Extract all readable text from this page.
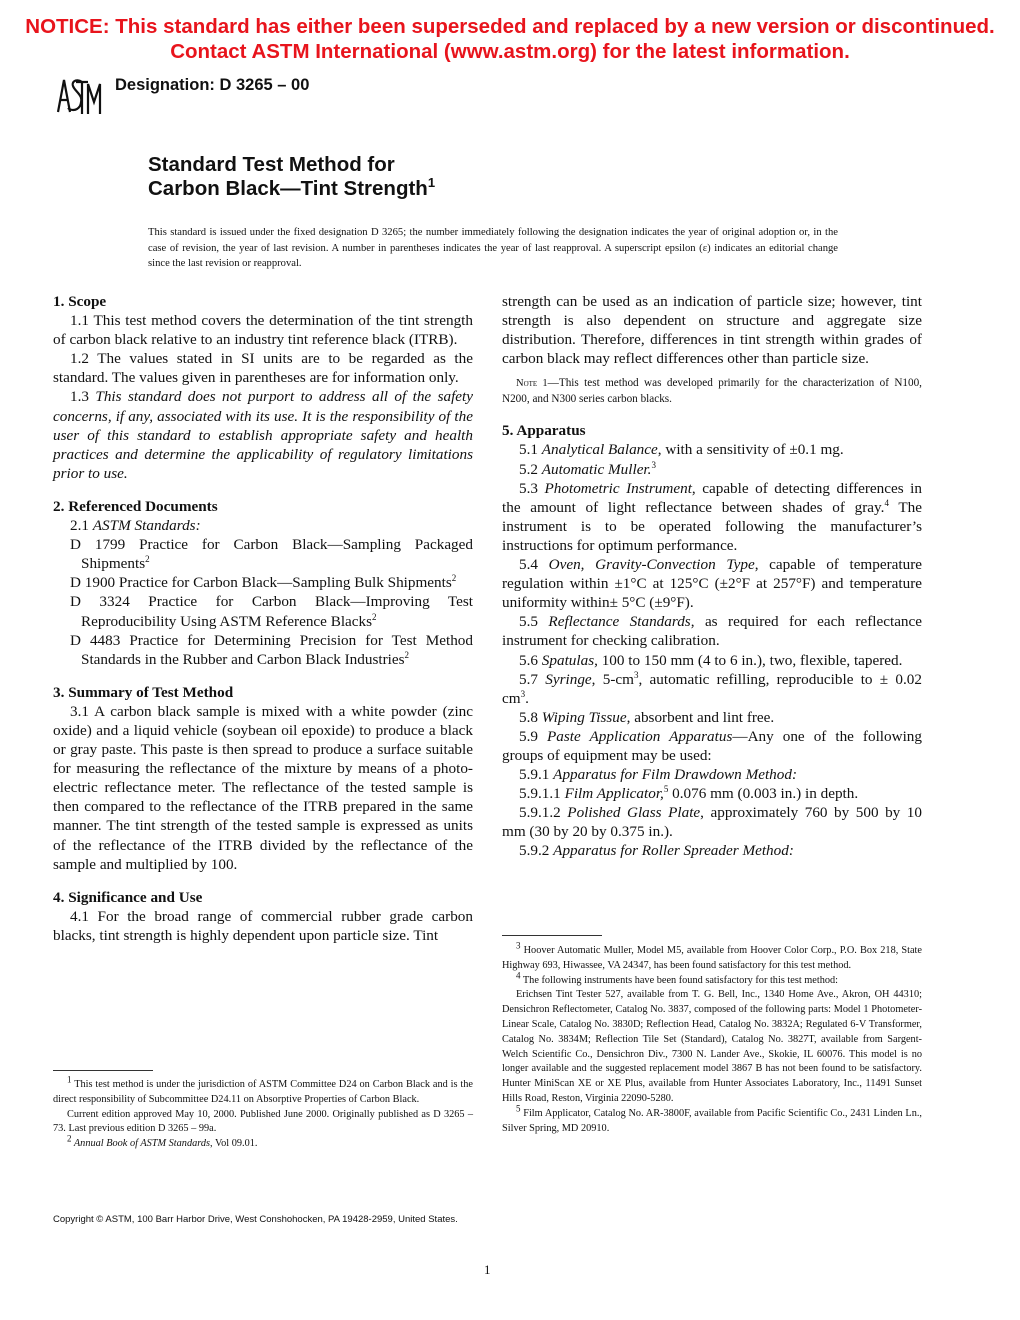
NOTICE: This standard has either been superseded and replaced by a new version or discontinued.
Contact ASTM International (www.astm.org) for the latest information.
Designation: D 3265 – 00
Standard Test Method for
Carbon Black—Tint Strength$^1$
This standard is issued under the fixed designation D 3265; the number immediately following the designation indicates the year of original adoption or, in the case of revision, the year of last revision. A number in parentheses indicates the year of last reapproval. A superscript epsilon (ε) indicates an editorial change since the last revision or reapproval.

1. Scope

1.1 This test method covers the determination of the tint strength of carbon black relative to an industry tint reference black (ITRB).

1.2 The values stated in SI units are to be regarded as the standard. The values given in parentheses are for information only.

1.3 This standard does not purport to address all of the safety concerns, if any, associated with its use. It is the responsibility of the user of this standard to establish appropriate safety and health practices and determine the applicability of regulatory limitations prior to use.

2. Referenced Documents

2.1 ASTM Standards:

D 1799 Practice for Carbon Black—Sampling Packaged Shipments$^2$

D 1900 Practice for Carbon Black—Sampling Bulk Shipments$^2$

D 3324 Practice for Carbon Black—Improving Test Reproducibility Using ASTM Reference Blacks$^2$

D 4483 Practice for Determining Precision for Test Method Standards in the Rubber and Carbon Black Industries$^2$

3. Summary of Test Method

3.1 A carbon black sample is mixed with a white powder (zinc oxide) and a liquid vehicle (soybean oil epoxide) to produce a black or gray paste. This paste is then spread to produce a surface suitable for measuring the reflectance of the mixture by means of a photo-electric reflectance meter. The reflectance of the tested sample is then compared to the reflectance of the ITRB prepared in the same manner. The tint strength of the tested sample is expressed as units of the reflectance of the ITRB divided by the reflectance of the sample and multiplied by 100.

4. Significance and Use

4.1 For the broad range of commercial rubber grade carbon blacks, tint strength is highly dependent upon particle size. Tint

strength can be used as an indication of particle size; however, tint strength is also dependent on structure and aggregate size distribution. Therefore, differences in tint strength within grades of carbon black may reflect differences other than particle size.

Note 1—This test method was developed primarily for the characterization of N100, N200, and N300 series carbon blacks.

5. Apparatus

5.1 Analytical Balance, with a sensitivity of ±0.1 mg.

5.2 Automatic Muller.$^3$

5.3 Photometric Instrument, capable of detecting differences in the amount of light reflectance between shades of gray.$^4$ The instrument is to be operated following the manufacturer’s instructions for optimum performance.

5.4 Oven, Gravity-Convection Type, capable of temperature regulation within ±1°C at 125°C (±2°F at 257°F) and temperature uniformity within± 5°C (±9°F).

5.5 Reflectance Standards, as required for each reflectance instrument for checking calibration.

5.6 Spatulas, 100 to 150 mm (4 to 6 in.), two, flexible, tapered.

5.7 Syringe, $5-cm^3$, automatic refilling, reproducible to ± 0.02 $cm^3$.

5.8 Wiping Tissue, absorbent and lint free.

5.9 Paste Application Apparatus—Any one of the following groups of equipment may be used:

5.9.1 Apparatus for Film Drawdown Method:

5.9.1.1 Film Applicator,$^5$ 0.076 mm (0.003 in.) in depth.

5.9.1.2 Polished Glass Plate, approximately 760 by 500 by 10 mm (30 by 20 by 0.375 in.).

5.9.2 Apparatus for Roller Spreader Method:

$^1$ This test method is under the jurisdiction of ASTM Committee D24 on Carbon Black and is the direct responsibility of Subcommittee D24.11 on Absorptive Properties of Carbon Black.

Current edition approved May 10, 2000. Published June 2000. Originally published as D 3265 – 73. Last previous edition D 3265 – 99a.

$^2$ Annual Book of ASTM Standards, Vol 09.01.

$^3$ Hoover Automatic Muller, Model M5, available from Hoover Color Corp., P.O. Box 218, State Highway 693, Hiwassee, VA 24347, has been found satisfactory for this test method.

$^4$ The following instruments have been found satisfactory for this test method:

Erichsen Tint Tester 527, available from T. G. Bell, Inc., 1340 Home Ave., Akron, OH 44310; Densichron Reflectometer, Catalog No. 3837, composed of the following parts: Model 1 Photometer-Linear Scale, Catalog No. 3830D; Reflection Head, Catalog No. 3832A; Regulated 6-V Transformer, Catalog No. 3834M; Reflection Tile Set (Standard), Catalog No. 3827T, available from Sargent-Welch Scientific Co., Densichron Div., 7300 N. Lander Ave., Skokie, IL 60076. This model is no longer available and the suggested replacement model 3867 B has not been found to be satisfactory. Hunter MiniScan XE or XE Plus, available from Hunter Associates Laboratory, Inc., 11491 Sunset Hills Road, Reston, Virginia 22090-5280.

$^5$ Film Applicator, Catalog No. AR-3800F, available from Pacific Scientific Co., 2431 Linden Ln., Silver Spring, MD 20910.

Copyright © ASTM, 100 Barr Harbor Drive, West Conshohocken, PA 19428-2959, United States.
1
